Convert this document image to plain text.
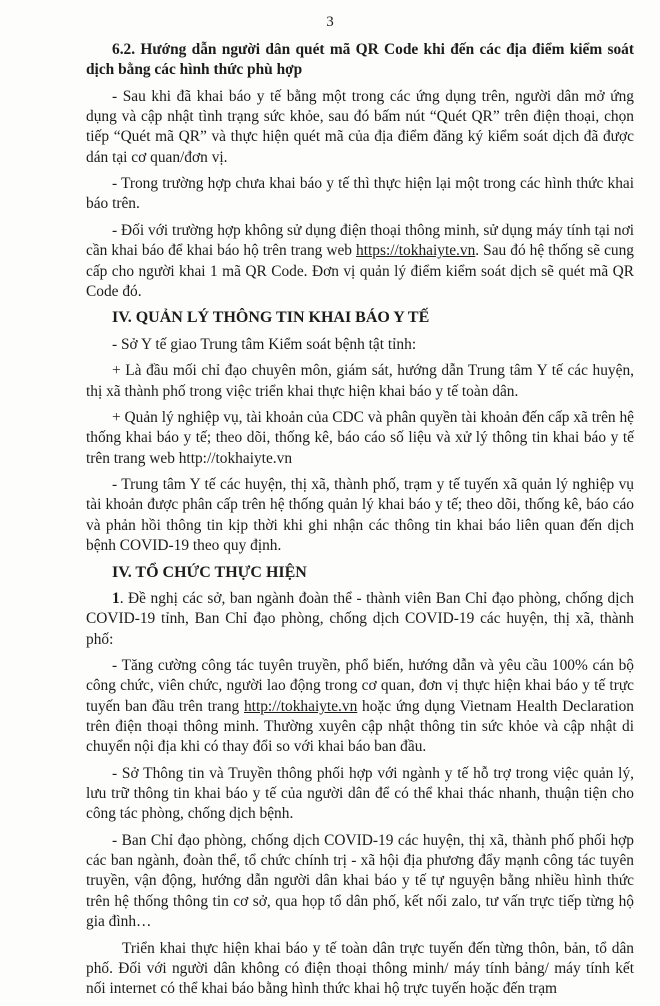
3
6.2. Hướng dẫn người dân quét mã QR Code khi đến các địa điểm kiểm soát dịch bằng các hình thức phù hợp
- Sau khi đã khai báo y tế bằng một trong các ứng dụng trên, người dân mở ứng dụng và cập nhật tình trạng sức khỏe, sau đó bấm nút “Quét QR” trên điện thoại, chọn tiếp “Quét mã QR” và thực hiện quét mã của địa điểm đăng ký kiểm soát dịch đã được dán tại cơ quan/đơn vị.
- Trong trường hợp chưa khai báo y tế thì thực hiện lại một trong các hình thức khai báo trên.
- Đối với trường hợp không sử dụng điện thoại thông minh, sử dụng máy tính tại nơi cần khai báo để khai báo hộ trên trang web https://tokhaiyte.vn. Sau đó hệ thống sẽ cung cấp cho người khai 1 mã QR Code. Đơn vị quản lý điểm kiểm soát dịch sẽ quét mã QR Code đó.
IV. QUẢN LÝ THÔNG TIN KHAI BÁO Y TẾ
- Sở Y tế giao Trung tâm Kiểm soát bệnh tật tỉnh:
+ Là đầu mối chỉ đạo chuyên môn, giám sát, hướng dẫn Trung tâm Y tế các huyện, thị xã thành phố trong việc triển khai thực hiện khai báo y tế toàn dân.
+ Quản lý nghiệp vụ, tài khoản của CDC và phân quyền tài khoản đến cấp xã trên hệ thống khai báo y tế; theo dõi, thống kê, báo cáo số liệu và xử lý thông tin khai báo y tế trên trang web http://tokhaiyte.vn
- Trung tâm Y tế các huyện, thị xã, thành phố, trạm y tế tuyến xã quản lý nghiệp vụ tài khoản được phân cấp trên hệ thống quản lý khai báo y tế; theo dõi, thống kê, báo cáo và phản hồi thông tin kịp thời khi ghi nhận các thông tin khai báo liên quan đến dịch bệnh COVID-19 theo quy định.
IV. TỔ CHỨC THỰC HIỆN
1. Đề nghị các sở, ban ngành đoàn thể - thành viên Ban Chỉ đạo phòng, chống dịch COVID-19 tỉnh, Ban Chỉ đạo phòng, chống dịch COVID-19 các huyện, thị xã, thành phố:
- Tăng cường công tác tuyên truyền, phổ biến, hướng dẫn và yêu cầu 100% cán bộ công chức, viên chức, người lao động trong cơ quan, đơn vị thực hiện khai báo y tế trực tuyến ban đầu trên trang http://tokhaiyte.vn hoặc ứng dụng Vietnam Health Declaration trên điện thoại thông minh. Thường xuyên cập nhật thông tin sức khỏe và cập nhật di chuyển nội địa khi có thay đổi so với khai báo ban đầu.
- Sở Thông tin và Truyền thông phối hợp với ngành y tế hỗ trợ trong việc quản lý, lưu trữ thông tin khai báo y tế của người dân để có thể khai thác nhanh, thuận tiện cho công tác phòng, chống dịch bệnh.
- Ban Chỉ đạo phòng, chống dịch COVID-19 các huyện, thị xã, thành phố phối hợp các ban ngành, đoàn thể, tổ chức chính trị - xã hội địa phương đẩy mạnh công tác tuyên truyền, vận động, hướng dẫn người dân khai báo y tế tự nguyện bằng nhiều hình thức trên hệ thống thông tin cơ sở, qua họp tổ dân phố, kết nối zalo, tư vấn trực tiếp từng hộ gia đình…
Triển khai thực hiện khai báo y tế toàn dân trực tuyến đến từng thôn, bản, tổ dân phố. Đối với người dân không có điện thoại thông minh/ máy tính bảng/ máy tính kết nối internet có thể khai báo bằng hình thức khai hộ trực tuyến hoặc đến trạm
